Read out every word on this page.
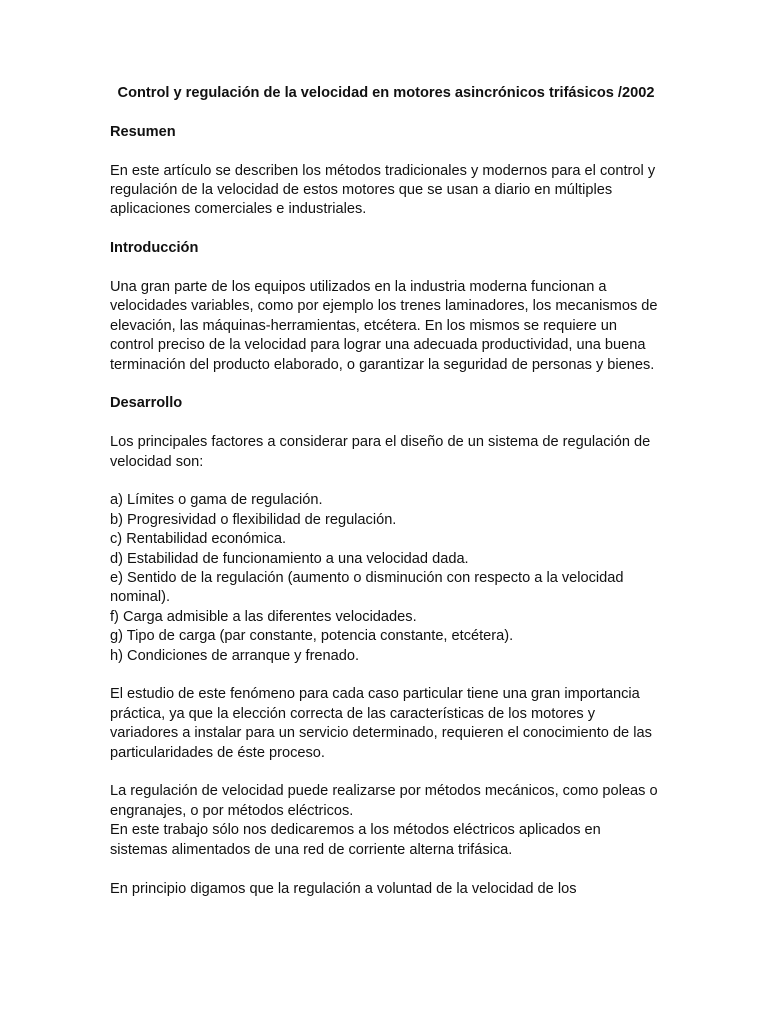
Control y regulación de la velocidad en motores asincrónicos trifásicos /2002
Resumen
En este artículo se describen los métodos tradicionales y modernos para el control y regulación de la velocidad de estos motores que se usan a diario en múltiples aplicaciones comerciales e industriales.
Introducción
Una gran parte de los equipos utilizados en la industria moderna funcionan a velocidades variables, como por ejemplo los trenes laminadores, los mecanismos de elevación, las máquinas-herramientas, etcétera. En los mismos se requiere un control preciso de la velocidad para lograr una adecuada productividad, una buena terminación del producto elaborado, o garantizar la seguridad de personas y bienes.
Desarrollo
Los principales factores a considerar para el diseño de un sistema de regulación de velocidad son:
a) Límites o gama de regulación.
b) Progresividad o flexibilidad de regulación.
c) Rentabilidad económica.
d) Estabilidad de funcionamiento a una velocidad dada.
e) Sentido de la regulación (aumento o disminución con respecto a la velocidad nominal).
f) Carga admisible a las diferentes velocidades.
g) Tipo de carga (par constante, potencia constante, etcétera).
h) Condiciones de arranque y frenado.
El estudio de este fenómeno para cada caso particular tiene una gran importancia práctica, ya que la elección correcta de las características de los motores y variadores a instalar para un servicio determinado, requieren el conocimiento de las particularidades de éste proceso.
La regulación de velocidad puede realizarse por métodos mecánicos, como poleas o engranajes, o por métodos eléctricos.
En este trabajo sólo nos dedicaremos a los métodos eléctricos aplicados en sistemas alimentados de una red de corriente alterna trifásica.
En principio digamos que la regulación a voluntad de la velocidad de los
